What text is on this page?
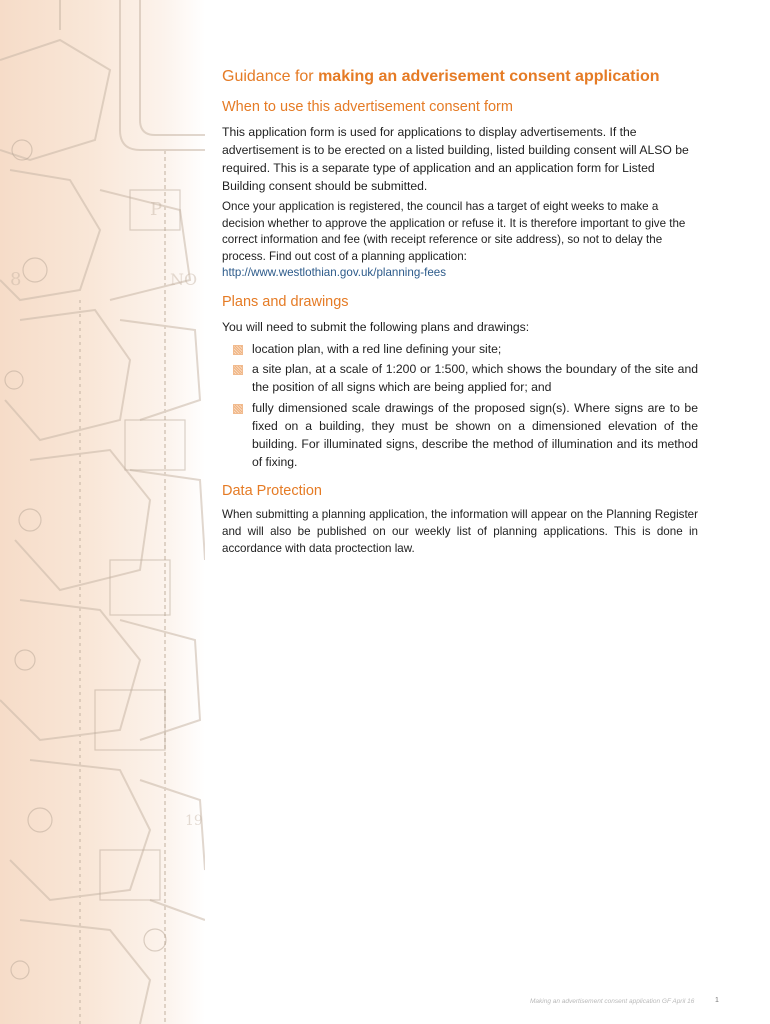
P
NO
8
19
Guidance for making an adverisement consent application
When to use this advertisement consent form

This application form is used for applications to display advertisements. If the advertisement is to be erected on a listed building, listed building consent will ALSO be required. This is a separate type of application and an application form for Listed Building consent should be submitted.

Once your application is registered, the council has a target of eight weeks to make a decision whether to approve the application or refuse it. It is therefore important to give the correct information and fee (with receipt reference or site address), so not to delay the process. Find out cost of a planning application:
http://www.westlothian.gov.uk/planning-fees

Plans and drawings

You will need to submit the following plans and drawings:

location plan, with a red line defining your site;
a site plan, at a scale of 1:200 or 1:500, which shows the boundary of the site and the position of all signs which are being applied for; and
fully dimensioned scale drawings of the proposed sign(s). Where signs are to be fixed on a building, they must be shown on a dimensioned elevation of the building. For illuminated signs, describe the method of illumination and its method of fixing.
Data Protection

When submitting a planning application, the information will appear on the Planning Register and will also be published on our weekly list of planning applications. This is done in accordance with data proctection law.

Making an advertisement consent application GF April 16	1
